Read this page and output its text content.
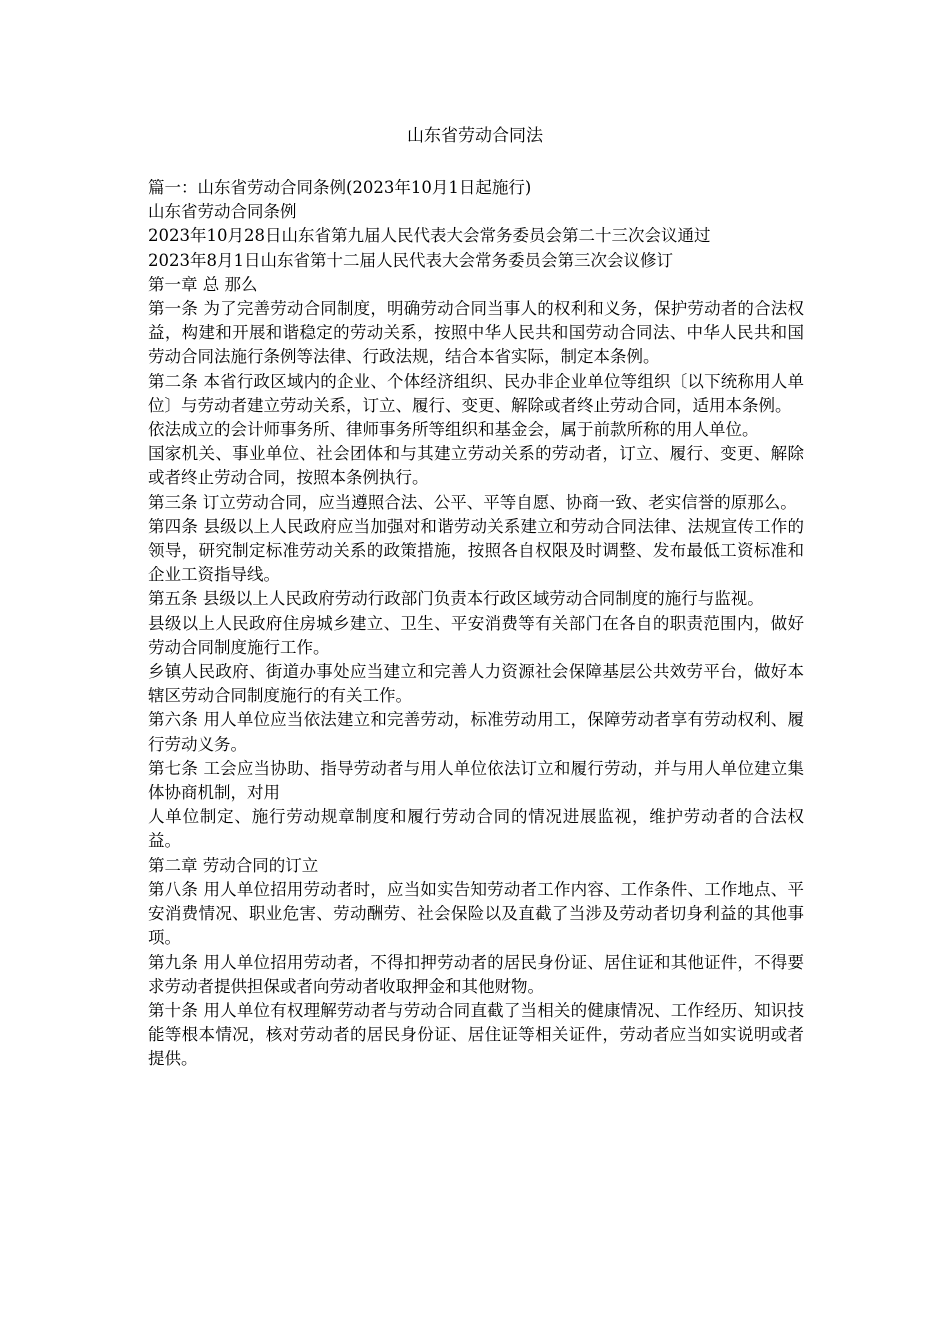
山东省劳动合同法

篇一：山东省劳动合同条例(2023年10月1日起施行)

山东省劳动合同条例

2023年10月28日山东省第九届人民代表大会常务委员会第二十三次会议通过

2023年8月1日山东省第十二届人民代表大会常务委员会第三次会议修订

第一章 总 那么

第一条 为了完善劳动合同制度，明确劳动合同当事人的权利和义务，保护劳动者的合法权益，构建和开展和谐稳定的劳动关系，按照中华人民共和国劳动合同法、中华人民共和国劳动合同法施行条例等法律、行政法规，结合本省实际，制定本条例。

第二条 本省行政区域内的企业、个体经济组织、民办非企业单位等组织〔以下统称用人单位〕与劳动者建立劳动关系，订立、履行、变更、解除或者终止劳动合同，适用本条例。

依法成立的会计师事务所、律师事务所等组织和基金会，属于前款所称的用人单位。

国家机关、事业单位、社会团体和与其建立劳动关系的劳动者，订立、履行、变更、解除或者终止劳动合同，按照本条例执行。

第三条 订立劳动合同，应当遵照合法、公平、平等自愿、协商一致、老实信誉的原那么。

第四条 县级以上人民政府应当加强对和谐劳动关系建立和劳动合同法律、法规宣传工作的领导，研究制定标准劳动关系的政策措施，按照各自权限及时调整、发布最低工资标准和企业工资指导线。

第五条 县级以上人民政府劳动行政部门负责本行政区域劳动合同制度的施行与监视。

县级以上人民政府住房城乡建立、卫生、平安消费等有关部门在各自的职责范围内，做好劳动合同制度施行工作。

乡镇人民政府、街道办事处应当建立和完善人力资源社会保障基层公共效劳平台，做好本辖区劳动合同制度施行的有关工作。

第六条 用人单位应当依法建立和完善劳动，标准劳动用工，保障劳动者享有劳动权利、履行劳动义务。

第七条 工会应当协助、指导劳动者与用人单位依法订立和履行劳动，并与用人单位建立集体协商机制，对用

人单位制定、施行劳动规章制度和履行劳动合同的情况进展监视，维护劳动者的合法权益。

第二章 劳动合同的订立

第八条 用人单位招用劳动者时，应当如实告知劳动者工作内容、工作条件、工作地点、平安消费情况、职业危害、劳动酬劳、社会保险以及直截了当涉及劳动者切身利益的其他事项。

第九条 用人单位招用劳动者，不得扣押劳动者的居民身份证、居住证和其他证件，不得要求劳动者提供担保或者向劳动者收取押金和其他财物。

第十条 用人单位有权理解劳动者与劳动合同直截了当相关的健康情况、工作经历、知识技能等根本情况，核对劳动者的居民身份证、居住证等相关证件，劳动者应当如实说明或者提供。
